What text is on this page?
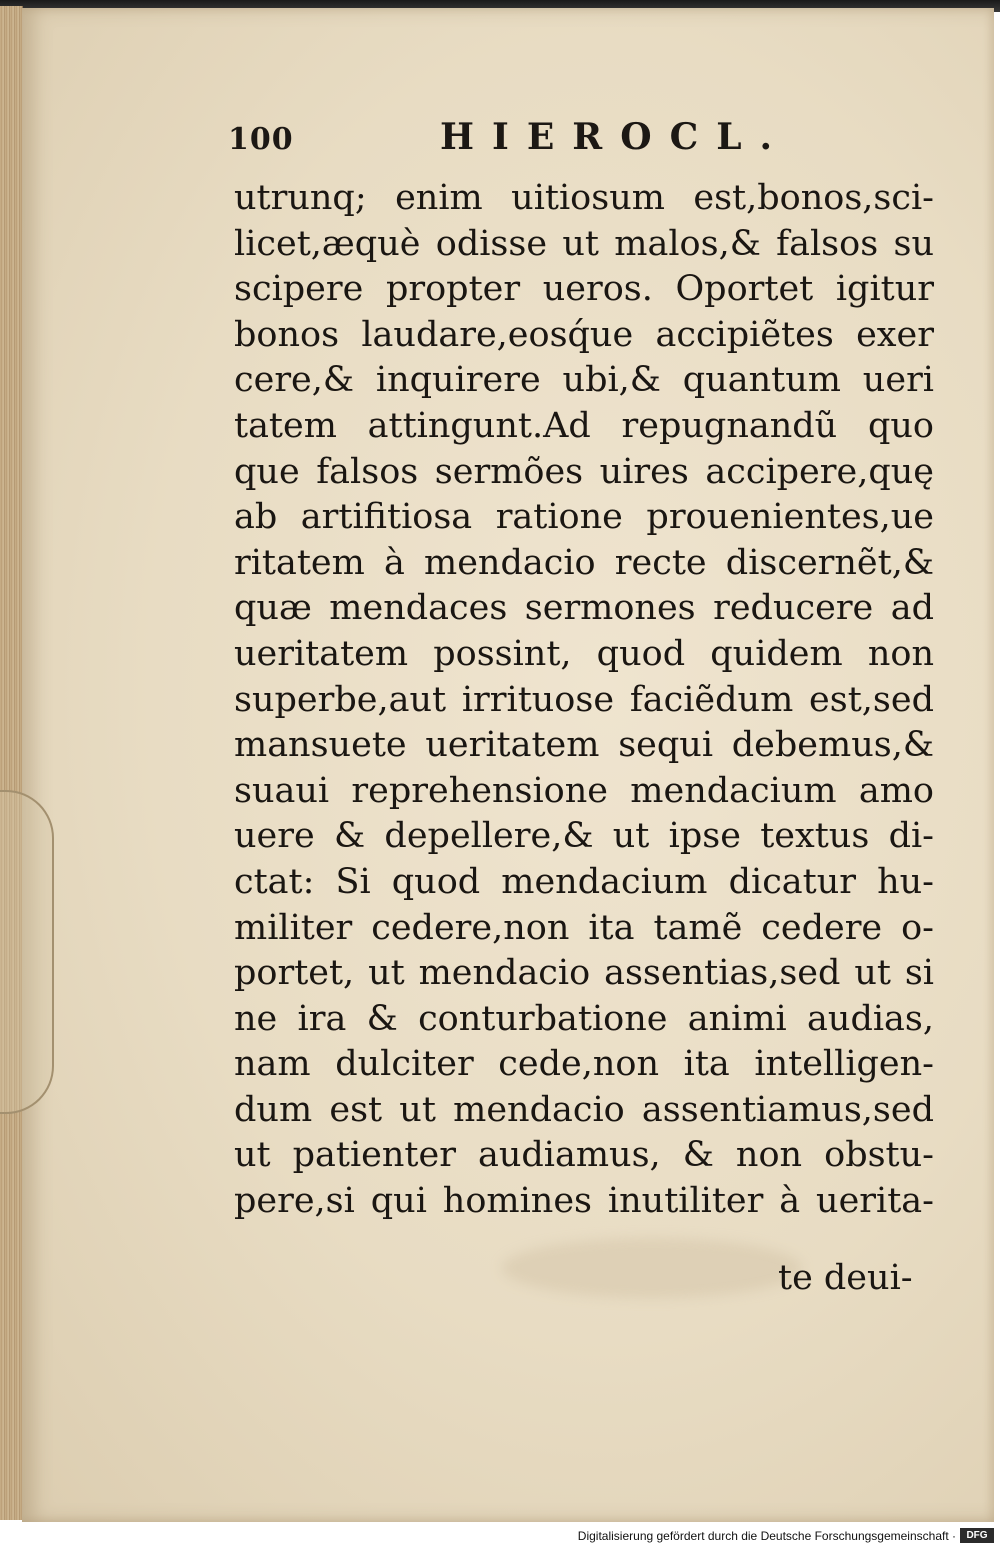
100	HIEROCL.
utrunq; enim uitiosum est,bonos,sci-
licet,æquè odisse ut malos,& falsos su
scipere propter ueros. Oportet igitur
bonos laudare,eosq́ue accipiẽtes exer
cere,& inquirere ubi,& quantum ueri
tatem attingunt.Ad repugnandũ quo
que falsos sermões uires accipere,quę
ab artifitiosa ratione prouenientes,ue
ritatem à mendacio recte discernẽt,&
quæ mendaces sermones reducere ad
ueritatem possint, quod quidem non
superbe,aut irrituose faciẽdum est,sed
mansuete ueritatem sequi debemus,&
suaui reprehensione mendacium amo
uere & depellere,& ut ipse textus di-
ctat: Si quod mendacium dicatur hu-
militer cedere,non ita tamẽ cedere o-
portet, ut mendacio assentias,sed ut si
ne ira & conturbatione animi audias,
nam dulciter cede,non ita intelligen-
dum est ut mendacio assentiamus,sed
ut patienter audiamus, & non obstu-
pere,si qui homines inutiliter à uerita-
te deui-
Digitalisierung gefördert durch die Deutsche Forschungsgemeinschaft ·	DFG
